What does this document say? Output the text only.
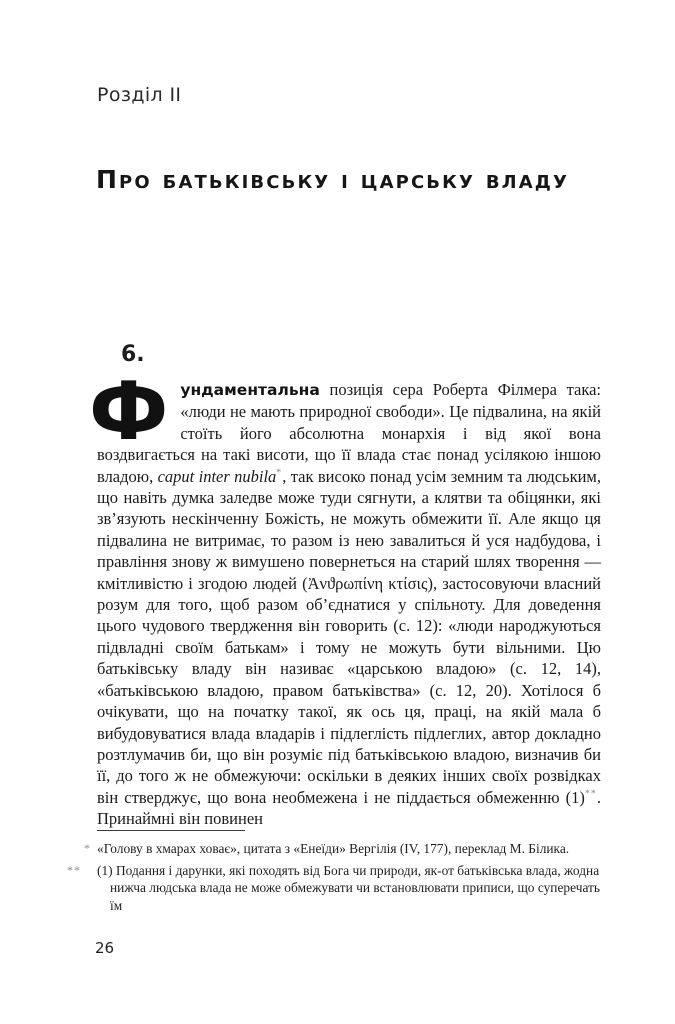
Розділ II
Про батьківську і царську владу
6.
Фундаментальна позиція сера Роберта Філмера така: «люди не мають природної свободи». Це підвалина, на якій стоїть його абсолютна монархія і від якої вона воздвигається на такі висоти, що її влада стає понад усілякою іншою владою, caput inter nubila*, так високо понад усім земним та людським, що навіть думка заледве може туди сягнути, а клятви та обіцянки, які зв’язують нескінченну Божість, не можуть обмежити її. Але якщо ця підвалина не витримає, то разом із нею завалиться й уся надбудова, і правління знову ж вимушено повернеться на старий шлях творення — кмітливістю і згодою людей (Ἀνϑρωπίνη κτίσις), застосовуючи власний розум для того, щоб разом об’єднатися у спільноту. Для доведення цього чудового твердження він говорить (с. 12): «люди народжуються підвладні своїм батькам» і тому не можуть бути вільними. Цю батьківську владу він називає «царською владою» (с. 12, 14), «батьківською владою, правом батьківства» (с. 12, 20). Хотілося б очікувати, що на початку такої, як ось ця, праці, на якій мала б вибудовуватися влада владарів і підлеглість підлеглих, автор докладно розтлумачив би, що він розуміє під батьківською владою, визначив би її, до того ж не обмежуючи: оскільки в деяких інших своїх розвідках він стверджує, що вона необмежена і не піддається обмеженню (1)**. Принаймні він повинен
* «Голову в хмарах ховає», цитата з «Енеїди» Вергілія (IV, 177), переклад М. Білика.
** (1) Подання і дарунки, які походять від Бога чи природи, як-от батьківська влада, жодна нижча людська влада не може обмежувати чи встановлювати приписи, що суперечать їм
26
